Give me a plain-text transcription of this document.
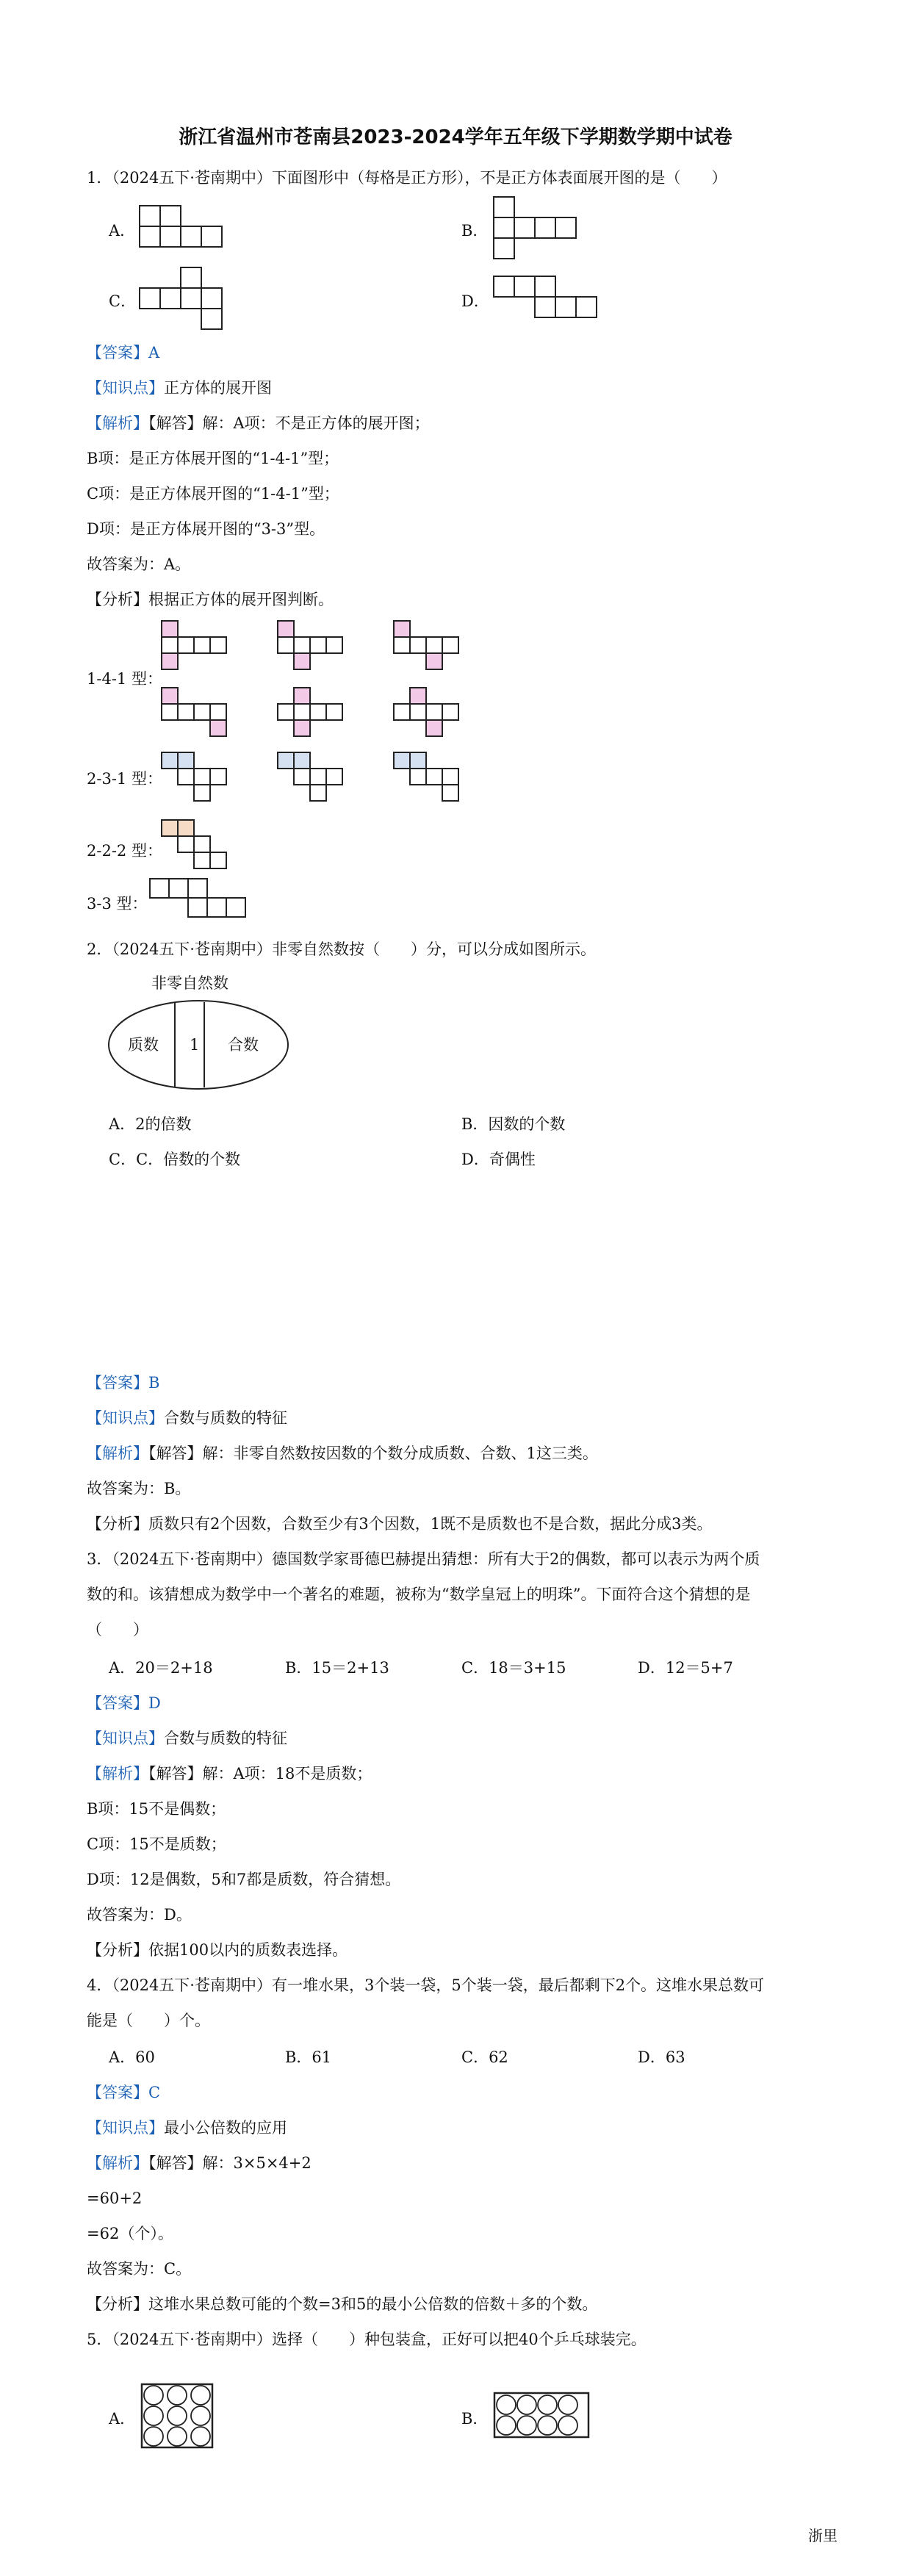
浙江省温州市苍南县2023-2024学年五年级下学期数学期中试卷
1．（2024五下·苍南期中）下面图形中（每格是正方形），不是正方体表面展开图的是（　　）
A．	B．
C．	D．
【答案】A
【知识点】正方体的展开图
【解析】【解答】解：A项：不是正方体的展开图；
B项：是正方体展开图的“1-4-1”型；
C项：是正方体展开图的“1-4-1”型；
D项：是正方体展开图的“3-3”型。
故答案为：A。
【分析】根据正方体的展开图判断。
1-4-1 型：
2-3-1 型：
2-2-2 型：
3-3 型：
2．（2024五下·苍南期中）非零自然数按（　　）分，可以分成如图所示。
非零自然数
质数 1 合数
A．2的倍数	B．因数的个数
C．C．倍数的个数	D．奇偶性
【答案】B
【知识点】合数与质数的特征
【解析】【解答】解：非零自然数按因数的个数分成质数、合数、1这三类。
故答案为：B。
【分析】质数只有2个因数，合数至少有3个因数，1既不是质数也不是合数，据此分成3类。
3．（2024五下·苍南期中）德国数学家哥德巴赫提出猜想：所有大于2的偶数，都可以表示为两个质
数的和。该猜想成为数学中一个著名的难题，被称为“数学皇冠上的明珠”。下面符合这个猜想的是
（　　）
A．20＝2+18	B．15＝2+13	C．18＝3+15	D．12＝5+7
【答案】D
【知识点】合数与质数的特征
【解析】【解答】解：A项：18不是质数；
B项：15不是偶数；
C项：15不是质数；
D项：12是偶数，5和7都是质数，符合猜想。
故答案为：D。
【分析】依据100以内的质数表选择。
4．（2024五下·苍南期中）有一堆水果，3个装一袋，5个装一袋，最后都剩下2个。这堆水果总数可
能是（　　）个。
A．60	B．61	C．62	D．63
【答案】C
【知识点】最小公倍数的应用
【解析】【解答】解：3×5×4+2
=60+2
=62（个）。
故答案为：C。
【分析】这堆水果总数可能的个数=3和5的最小公倍数的倍数＋多的个数。
5．（2024五下·苍南期中）选择（　　）种包装盒，正好可以把40个乒乓球装完。
A．	B．
浙里
